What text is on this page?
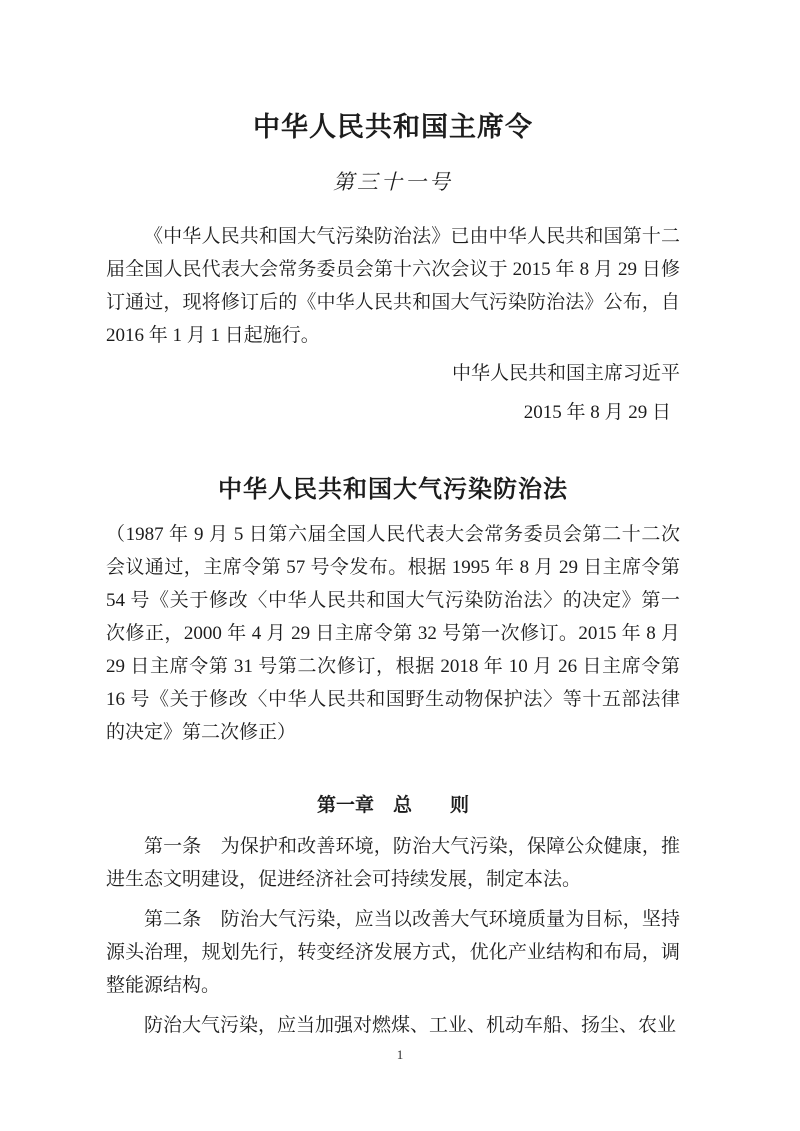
中华人民共和国主席令
第三十一号

《中华人民共和国大气污染防治法》已由中华人民共和国第十二届全国人民代表大会常务委员会第十六次会议于 2015 年 8 月 29 日修订通过，现将修订后的《中华人民共和国大气污染防治法》公布，自 2016 年 1 月 1 日起施行。

中华人民共和国主席习近平
2015 年 8 月 29 日
中华人民共和国大气污染防治法

（1987 年 9 月 5 日第六届全国人民代表大会常务委员会第二十二次会议通过，主席令第 57 号令发布。根据 1995 年 8 月 29 日主席令第 54 号《关于修改〈中华人民共和国大气污染防治法〉的决定》第一次修正，2000 年 4 月 29 日主席令第 32 号第一次修订。2015 年 8 月 29 日主席令第 31 号第二次修订，根据 2018 年 10 月 26 日主席令第 16 号《关于修改〈中华人民共和国野生动物保护法〉等十五部法律的决定》第二次修正）

第一章　总　　则

第一条　为保护和改善环境，防治大气污染，保障公众健康，推进生态文明建设，促进经济社会可持续发展，制定本法。

第二条　防治大气污染，应当以改善大气环境质量为目标，坚持源头治理，规划先行，转变经济发展方式，优化产业结构和布局，调整能源结构。

防治大气污染，应当加强对燃煤、工业、机动车船、扬尘、农业

1
